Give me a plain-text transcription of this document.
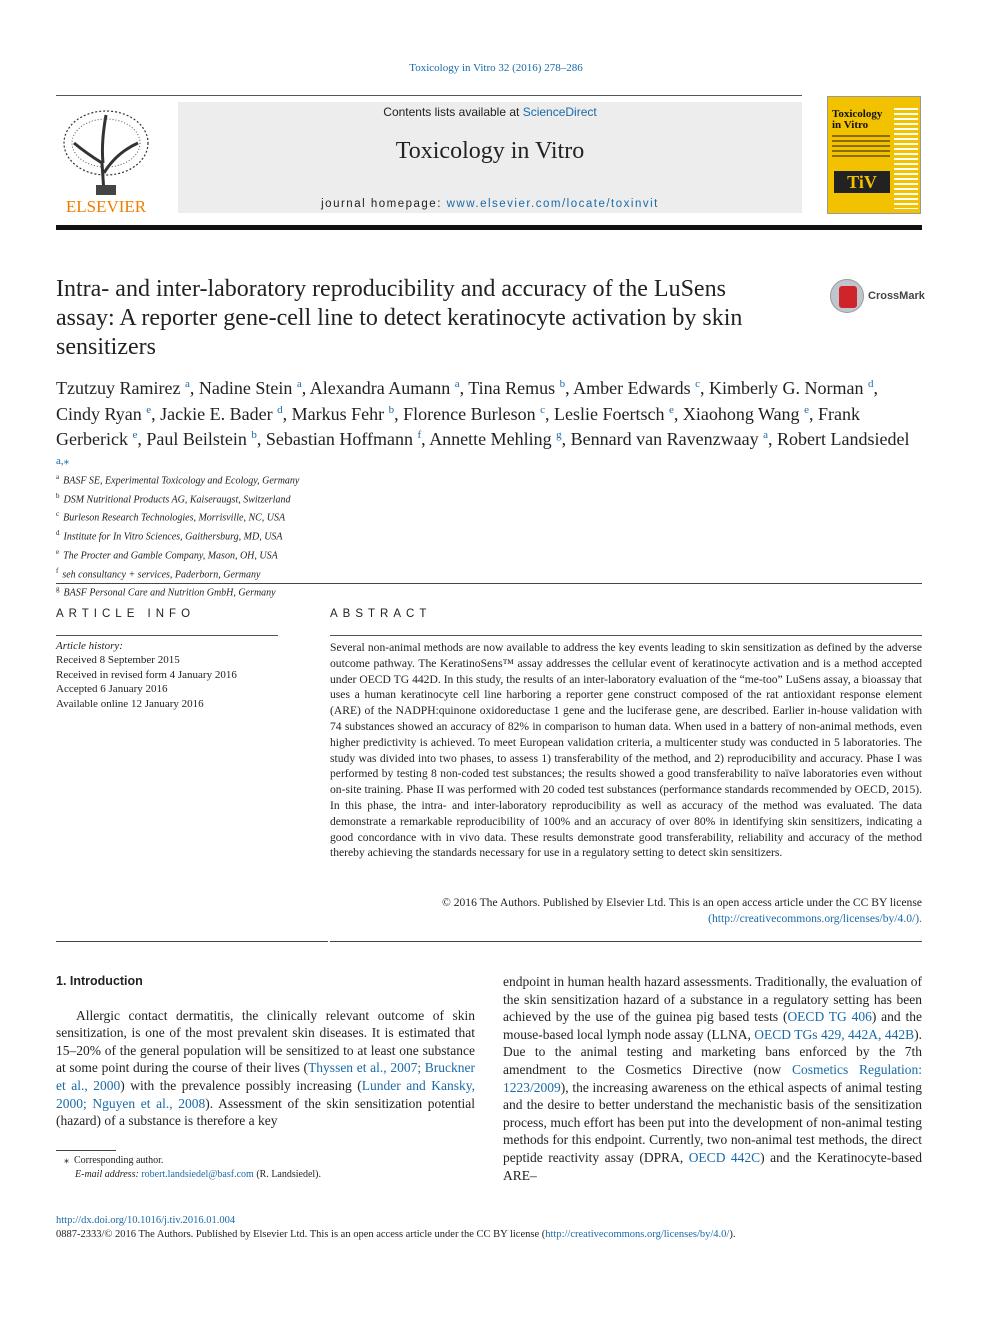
Toxicology in Vitro 32 (2016) 278–286
ELSEVIER
Contents lists available at ScienceDirect
Toxicology in Vitro
journal homepage: www.elsevier.com/locate/toxinvit
Toxicology in Vitro
TiV
Intra- and inter-laboratory reproducibility and accuracy of the LuSens assay: A reporter gene-cell line to detect keratinocyte activation by skin sensitizers
CrossMark
Tzutzuy Ramirez $^a$, Nadine Stein $^a$, Alexandra Aumann $^a$, Tina Remus $^b$, Amber Edwards $^c$, Kimberly G. Norman $^d$, Cindy Ryan $^e$, Jackie E. Bader $^d$, Markus Fehr $^b$, Florence Burleson $^c$, Leslie Foertsch $^e$, Xiaohong Wang $^e$, Frank Gerberick $^e$, Paul Beilstein $^b$, Sebastian Hoffmann $^f$, Annette Mehling $^g$, Bennard van Ravenzwaay $^a$, Robert Landsiedel $^{a,⁎}$
$^a$ BASF SE, Experimental Toxicology and Ecology, Germany
$^b$ DSM Nutritional Products AG, Kaiseraugst, Switzerland
$^c$ Burleson Research Technologies, Morrisville, NC, USA
$^d$ Institute for In Vitro Sciences, Gaithersburg, MD, USA
$^e$ The Procter and Gamble Company, Mason, OH, USA
$^f$ seh consultancy + services, Paderborn, Germany
$^g$ BASF Personal Care and Nutrition GmbH, Germany
ARTICLE INFO
Article history:
Received 8 September 2015
Received in revised form 4 January 2016
Accepted 6 January 2016
Available online 12 January 2016
ABSTRACT
Several non-animal methods are now available to address the key events leading to skin sensitization as defined by the adverse outcome pathway. The KeratinoSens™ assay addresses the cellular event of keratinocyte activation and is a method accepted under OECD TG 442D. In this study, the results of an inter-laboratory evaluation of the “me-too” LuSens assay, a bioassay that uses a human keratinocyte cell line harboring a reporter gene construct composed of the rat antioxidant response element (ARE) of the NADPH:quinone oxidoreductase 1 gene and the luciferase gene, are described. Earlier in-house validation with 74 substances showed an accuracy of 82% in comparison to human data. When used in a battery of non-animal methods, even higher predictivity is achieved. To meet European validation criteria, a multicenter study was conducted in 5 laboratories. The study was divided into two phases, to assess 1) transferability of the method, and 2) reproducibility and accuracy. Phase I was performed by testing 8 non-coded test substances; the results showed a good transferability to naïve laboratories even without on-site training. Phase II was performed with 20 coded test substances (performance standards recommended by OECD, 2015). In this phase, the intra- and inter-laboratory reproducibility as well as accuracy of the method was evaluated. The data demonstrate a remarkable reproducibility of 100% and an accuracy of over 80% in identifying skin sensitizers, indicating a good concordance with in vivo data. These results demonstrate good transferability, reliability and accuracy of the method thereby achieving the standards necessary for use in a regulatory setting to detect skin sensitizers.
© 2016 The Authors. Published by Elsevier Ltd. This is an open access article under the CC BY license
(http://creativecommons.org/licenses/by/4.0/).
1. Introduction
Allergic contact dermatitis, the clinically relevant outcome of skin sensitization, is one of the most prevalent skin diseases. It is estimated that 15–20% of the general population will be sensitized to at least one substance at some point during the course of their lives (Thyssen et al., 2007; Bruckner et al., 2000) with the prevalence possibly increasing (Lunder and Kansky, 2000; Nguyen et al., 2008). Assessment of the skin sensitization potential (hazard) of a substance is therefore a key
endpoint in human health hazard assessments. Traditionally, the evaluation of the skin sensitization hazard of a substance in a regulatory setting has been achieved by the use of the guinea pig based tests (OECD TG 406) and the mouse-based local lymph node assay (LLNA, OECD TGs 429, 442A, 442B). Due to the animal testing and marketing bans enforced by the 7th amendment to the Cosmetics Directive (now Cosmetics Regulation: 1223/2009), the increasing awareness on the ethical aspects of animal testing and the desire to better understand the mechanistic basis of the sensitization process, much effort has been put into the development of non-animal testing methods for this endpoint. Currently, two non-animal test methods, the direct peptide reactivity assay (DPRA, OECD 442C) and the Keratinocyte-based ARE–
⁎ Corresponding author.
E-mail address: robert.landsiedel@basf.com (R. Landsiedel).
http://dx.doi.org/10.1016/j.tiv.2016.01.004
0887-2333/© 2016 The Authors. Published by Elsevier Ltd. This is an open access article under the CC BY license (http://creativecommons.org/licenses/by/4.0/).
